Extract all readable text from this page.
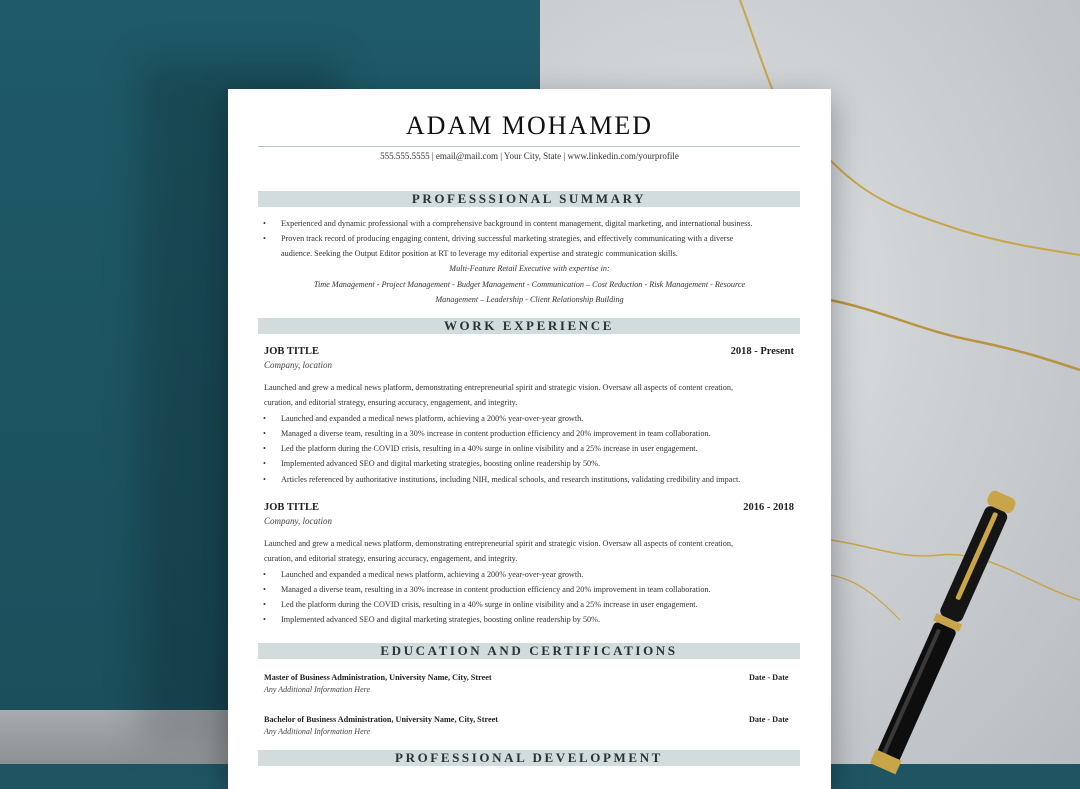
ADAM MOHAMED
555.555.5555 | email@mail.com | Your City, State | www.linkedin.com/yourprofile
PROFESSSIONAL SUMMARY
Experienced and dynamic professional with a comprehensive background in content management, digital marketing, and international business.
Proven track record of producing engaging content, driving successful marketing strategies, and effectively communicating with a diverse
audience. Seeking the Output Editor position at RT to leverage my editorial expertise and strategic communication skills.
Multi-Feature Retail Executive with expertise in:
Time Management - Project Management - Budget Management - Communication – Cost Reduction - Risk Management - Resource
Management – Leadership - Client Relationship Building
WORK EXPERIENCE
JOB TITLE	2018 - Present
Company, location
Launched and grew a medical news platform, demonstrating entrepreneurial spirit and strategic vision. Oversaw all aspects of content creation,
curation, and editorial strategy, ensuring accuracy, engagement, and integrity.
Launched and expanded a medical news platform, achieving a 200% year-over-year growth.
Managed a diverse team, resulting in a 30% increase in content production efficiency and 20% improvement in team collaboration.
Led the platform during the COVID crisis, resulting in a 40% surge in online visibility and a 25% increase in user engagement.
Implemented advanced SEO and digital marketing strategies, boosting online readership by 50%.
Articles referenced by authoritative institutions, including NIH, medical schools, and research institutions, validating credibility and impact.
JOB TITLE	2016 - 2018
Company, location
Launched and grew a medical news platform, demonstrating entrepreneurial spirit and strategic vision. Oversaw all aspects of content creation,
curation, and editorial strategy, ensuring accuracy, engagement, and integrity.
Launched and expanded a medical news platform, achieving a 200% year-over-year growth.
Managed a diverse team, resulting in a 30% increase in content production efficiency and 20% improvement in team collaboration.
Led the platform during the COVID crisis, resulting in a 40% surge in online visibility and a 25% increase in user engagement.
Implemented advanced SEO and digital marketing strategies, boosting online readership by 50%.
EDUCATION AND CERTIFICATIONS
Master of Business Administration, University Name, City, Street	Date - Date
Any Additional Information Here
Bachelor of Business Administration, University Name, City, Street	Date - Date
Any Additional Information Here
PROFESSIONAL DEVELOPMENT
